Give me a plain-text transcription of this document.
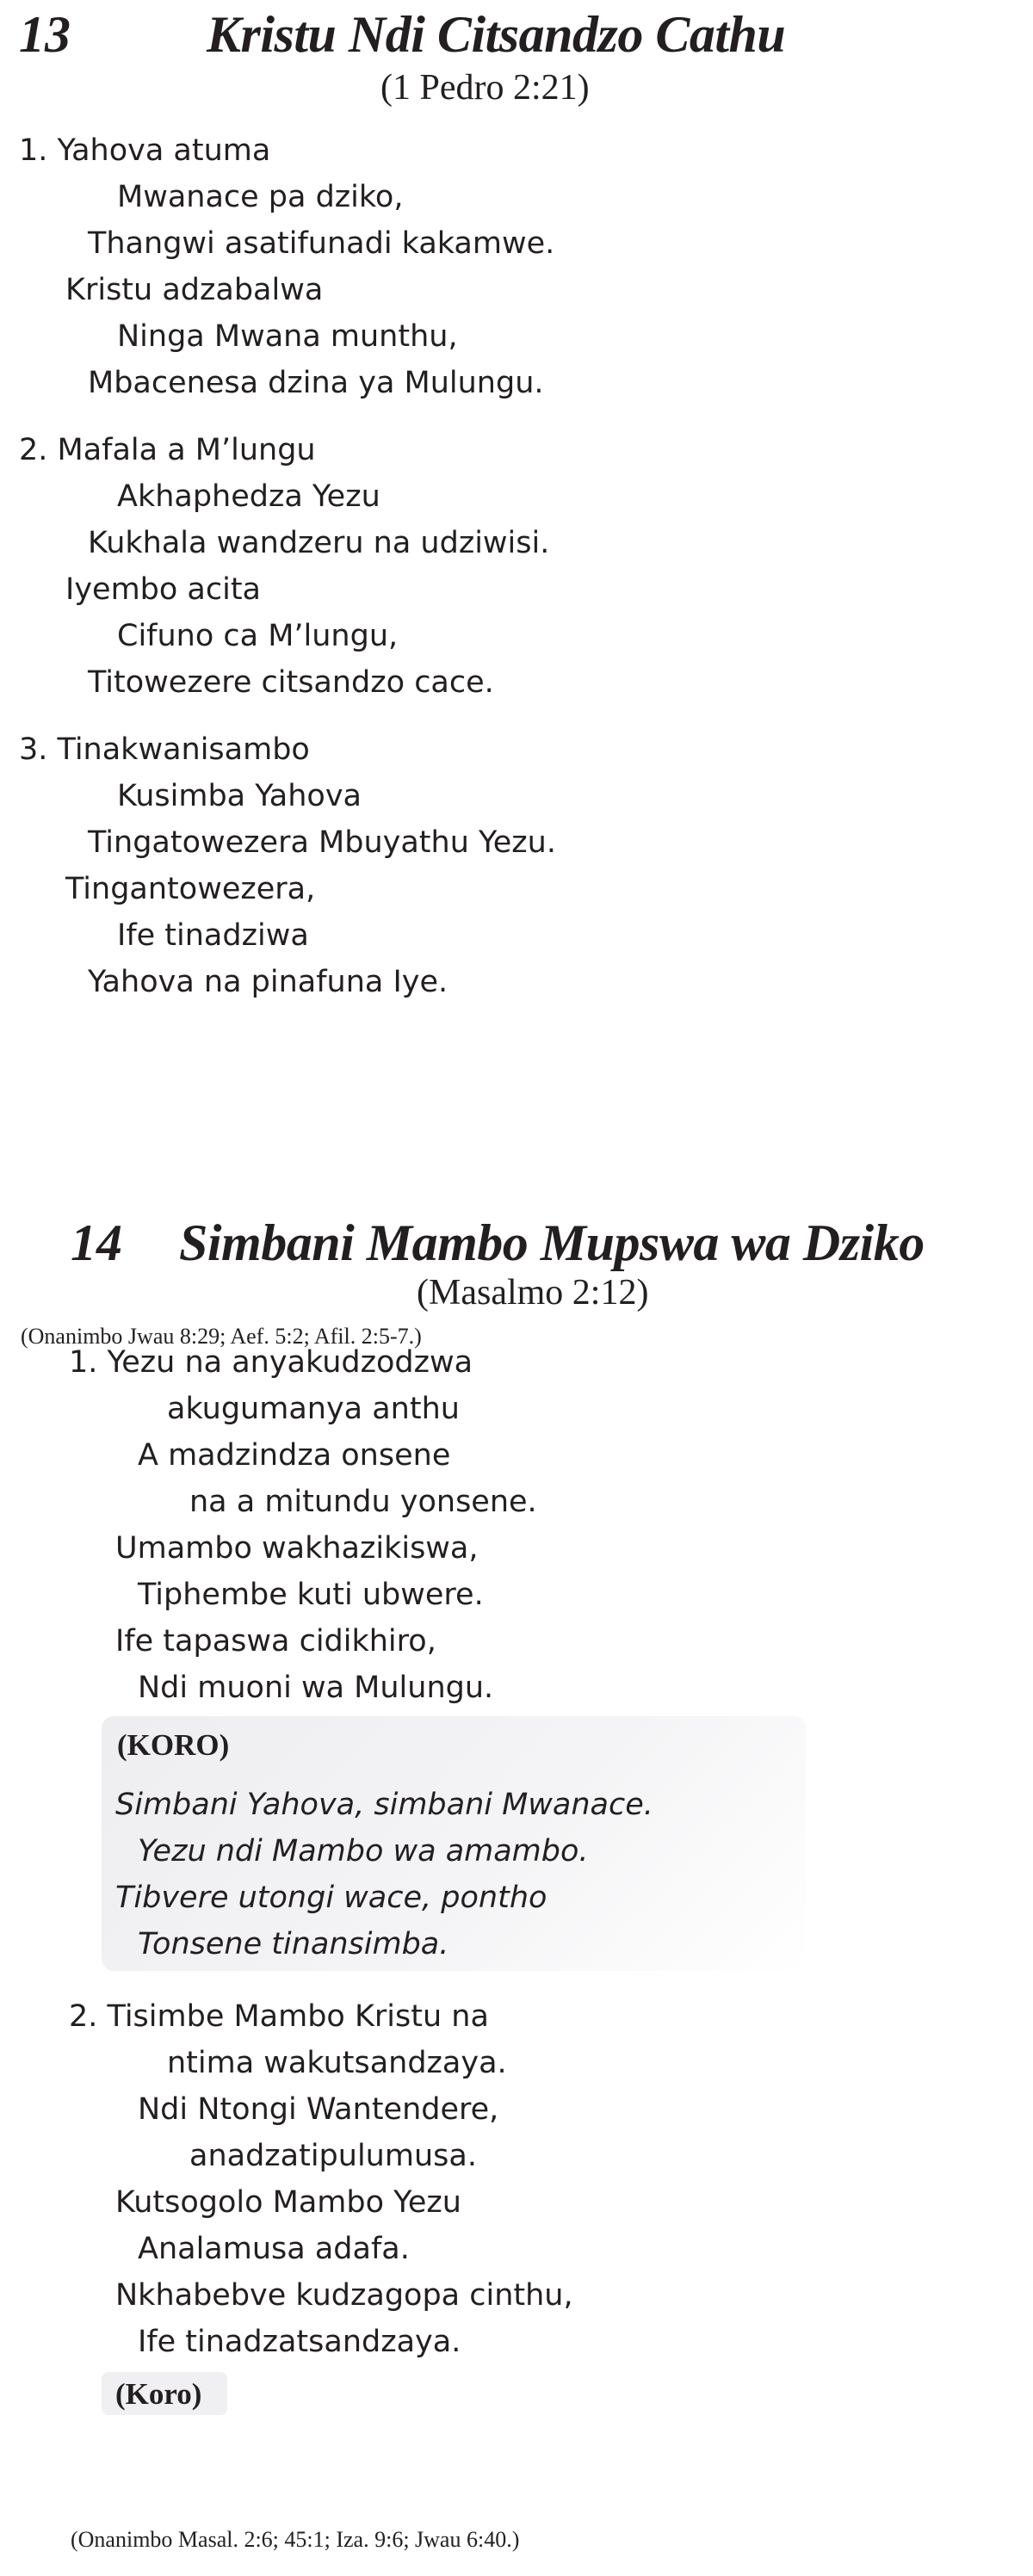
13	Kristu Ndi Citsandzo Cathu
(1 Pedro 2:21)
1. Yahova atuma
Mwanace pa dziko,
Thangwi asatifunadi kakamwe.
Kristu adzabalwa
Ninga Mwana munthu,
Mbacenesa dzina ya Mulungu.
2. Mafala a M’lungu
Akhaphedza Yezu
Kukhala wandzeru na udziwisi.
Iyembo acita
Cifuno ca M’lungu,
Titowezere citsandzo cace.
3. Tinakwanisambo
Kusimba Yahova
Tingatowezera Mbuyathu Yezu.
Tingantowezera,
Ife tinadziwa
Yahova na pinafuna Iye.
(Onanimbo Jwau 8:29; Aef. 5:2; Afil. 2:5-7.)
14 Simbani Mambo Mupswa wa Dziko
(Masalmo 2:12)
1. Yezu na anyakudzodzwa
akugumanya anthu
A madzindza onsene
na a mitundu yonsene.
Umambo wakhazikiswa,
Tiphembe kuti ubwere.
Ife tapaswa cidikhiro,
Ndi muoni wa Mulungu.
(KORO)
Simbani Yahova, simbani Mwanace.
Yezu ndi Mambo wa amambo.
Tibvere utongi wace, pontho
Tonsene tinansimba.
2. Tisimbe Mambo Kristu na
ntima wakutsandzaya.
Ndi Ntongi Wantendere,
anadzatipulumusa.
Kutsogolo Mambo Yezu
Analamusa adafa.
Nkhabebve kudzagopa cinthu,
Ife tinadzatsandzaya.
(Koro)
(Onanimbo Masal. 2:6; 45:1; Iza. 9:6; Jwau 6:40.)
